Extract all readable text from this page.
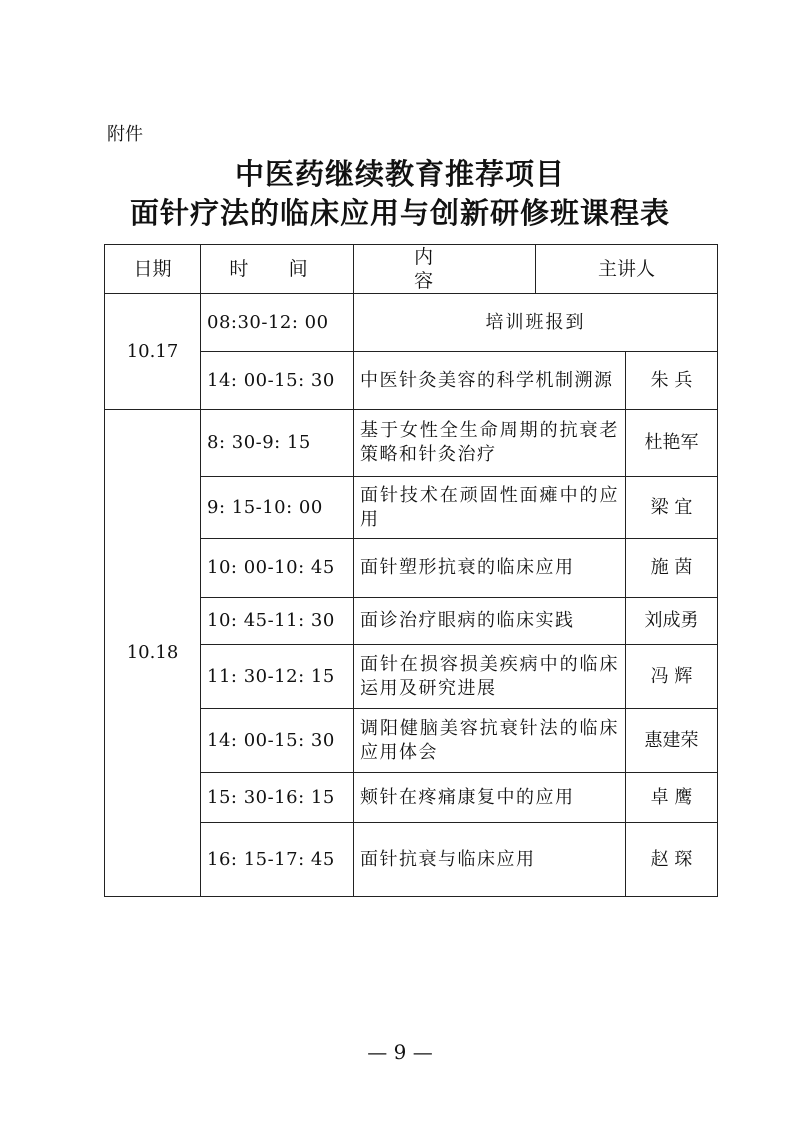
附件
中医药继续教育推荐项目
面针疗法的临床应用与创新研修班课程表
日期	时 间	内 容	主讲人	
10.17	08:30-12: 00	培训班报到		
	14: 00-15: 30	中医针灸美容的科学机制溯源		朱 兵
10.18	8: 30-9: 15	基于女性全生命周期的抗衰老策略和针灸治疗		杜艳军
	9: 15-10: 00	面针技术在顽固性面瘫中的应用		梁 宜
	10: 00-10: 45	面针塑形抗衰的临床应用		施 茵
	10: 45-11: 30	面诊治疗眼病的临床实践		刘成勇
	11: 30-12: 15	面针在损容损美疾病中的临床运用及研究进展		冯 辉
	14: 00-15: 30	调阳健脑美容抗衰针法的临床应用体会		惠建荣
	15: 30-16: 15	颊针在疼痛康复中的应用		卓 鹰
	16: 15-17: 45	面针抗衰与临床应用		赵 琛
— 9 —
